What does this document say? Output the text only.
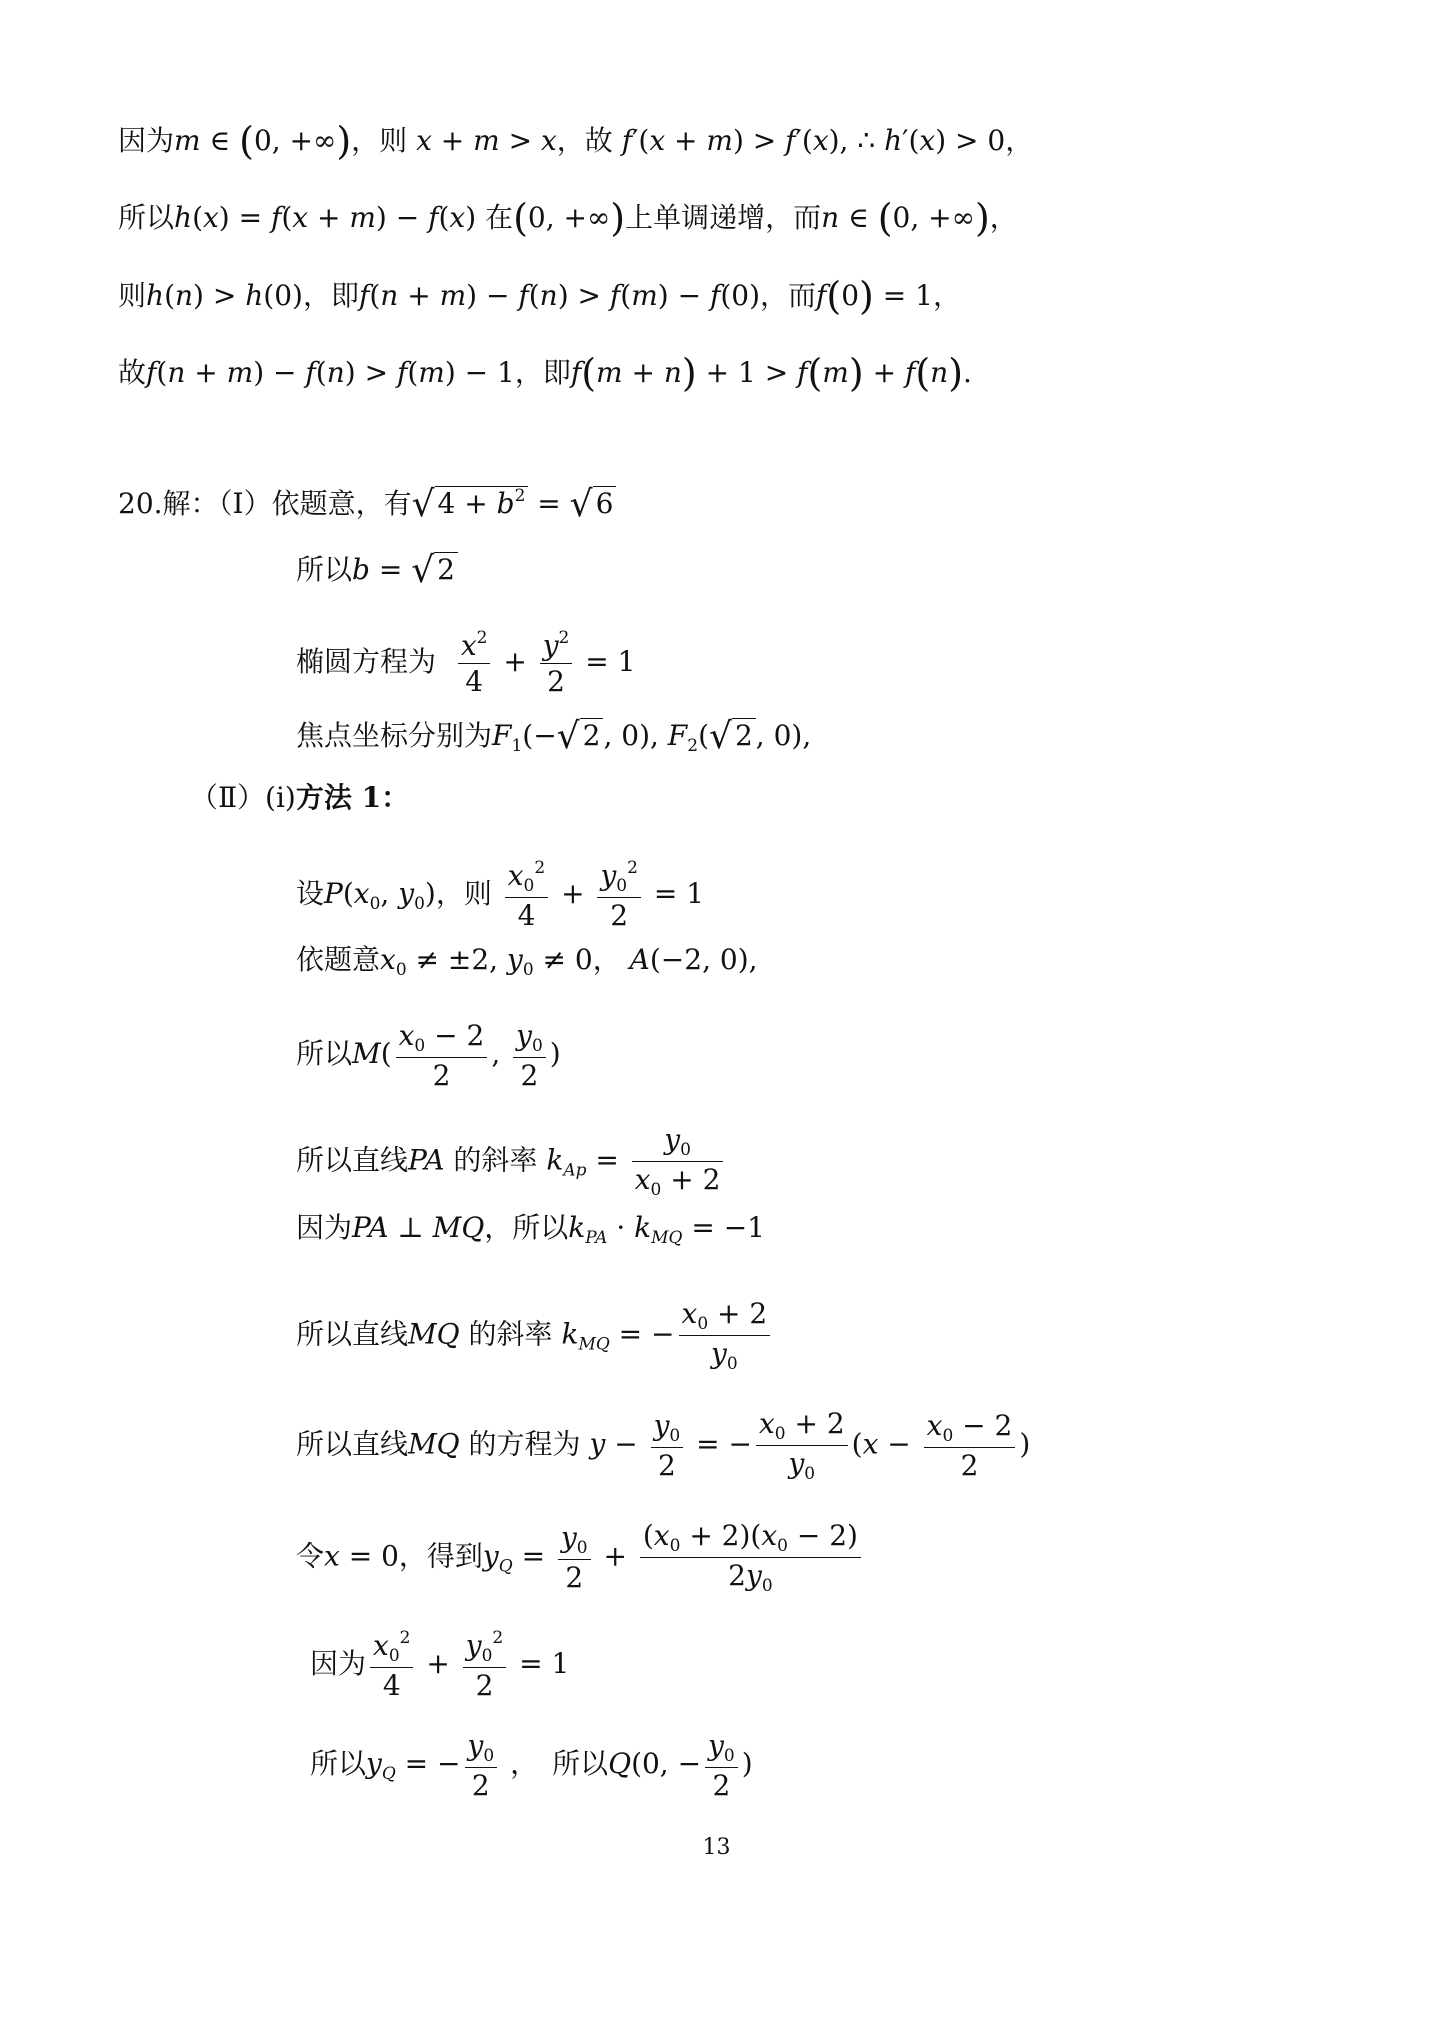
因为m ∈ (0, +∞)，则 x + m > x，故 f′(x + m) > f′(x), ∴ h′(x) > 0，
所以h(x) = f(x + m) − f(x) 在(0, +∞)上单调递增，而n ∈ (0, +∞)，
则h(n) > h(0)，即f(n + m) − f(n) > f(m) − f(0)，而f(0) = 1，
故f(n + m) − f(n) > f(m) − 1，即f(m + n) + 1 > f(m) + f(n).
20.解：（Ⅰ）依题意，有√ $4 + b^2$ = √ 6
所以b = √ 2
椭圆方程为 $\frac{x^2}{4} + \frac{y^2}{2} = 1$
焦点坐标分别为$F_1(-√$ 2 , 0), $F_2(√$ 2 , 0),
（Ⅱ）(i)方法 1：
设$P(x_0$, $y_0$)，则 $\frac{x_0^2}{4} + \frac{y_0^2}{2} = 1$
依题意$x_0 \ne \pm 2$, $y_0 \ne 0$， A(−2, 0),
所以$M( \frac{x_0 - 2}{2}$ , $\frac{y_0}{2}$ )
所以直线PA 的斜率 $k_{Ap} = \frac{y_0}{x_0 + 2}$
因为PA ⊥ MQ，所以$k_{PA} \cdot k_{MQ} = -1$
所以直线MQ 的斜率 $k_{MQ}$ = − $\frac{x_0 + 2}{y_0}$
所以直线MQ 的方程为 $y - \frac{y_0}{2}$ = − $\frac{x_0 + 2}{y_0} (x - \frac{x_0 - 2}{2}$ )
令x = 0，得到$y_Q = \frac{y_0}{2} + \frac{(x_0 + 2)(x_0 - 2)}{2y_0}$
因为 $\frac{x_0^2}{4} + \frac{y_0^2}{2} = 1$
所以$y_Q$ = − $\frac{y_0}{2}$ ，　所以Q(0, − $\frac{y_0}{2}$ )
13
